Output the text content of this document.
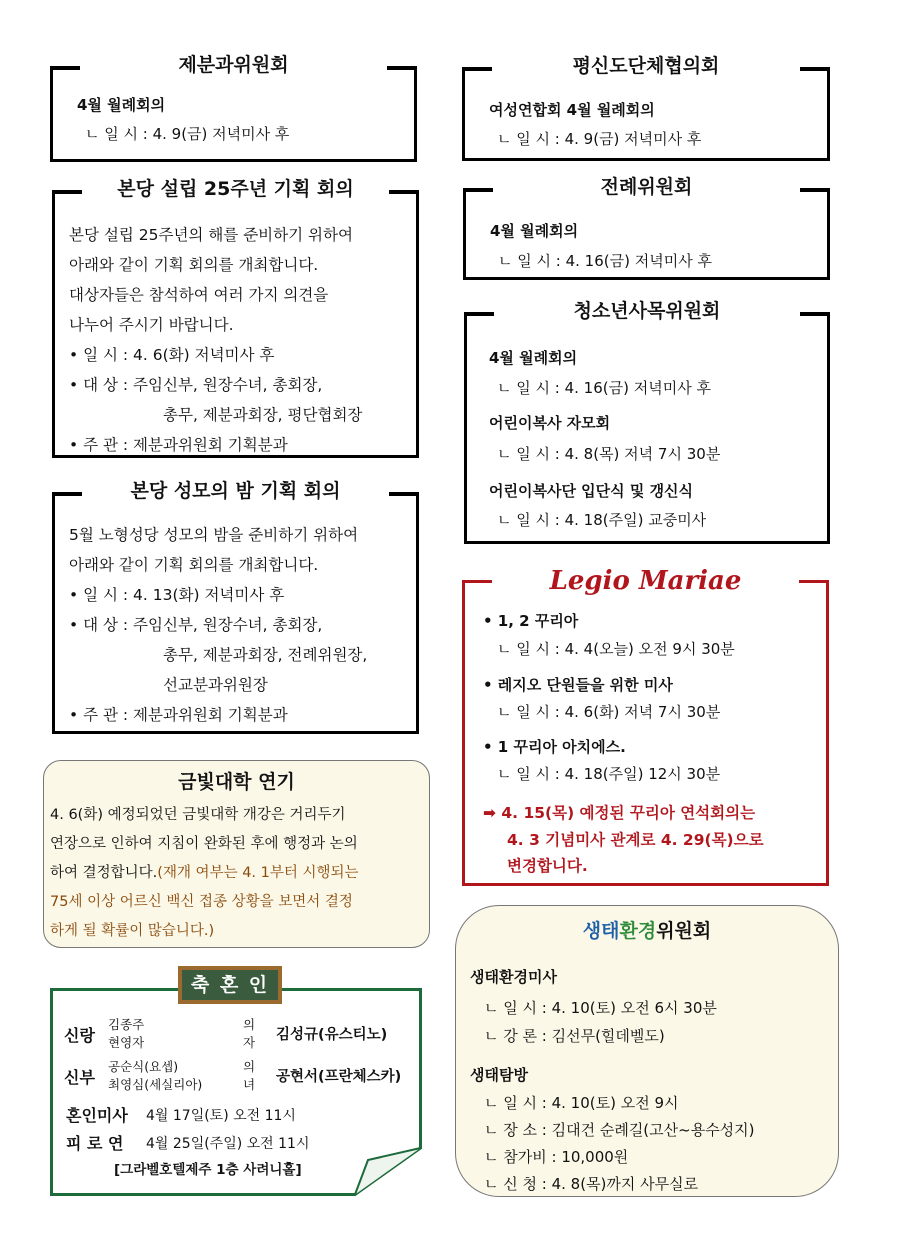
제분과위원회
4월 월례회의
ㄴ 일 시 : 4. 9(금) 저녁미사 후
평신도단체협의회
여성연합회 4월 월례회의
ㄴ 일 시 : 4. 9(금) 저녁미사 후
본당 설립 25주년 기획 회의
본당 설립 25주년의 해를 준비하기 위하여
아래와 같이 기획 회의를 개최합니다.
대상자들은 참석하여 여러 가지 의견을
나누어 주시기 바랍니다.
• 일 시 : 4. 6(화) 저녁미사 후
• 대 상 : 주임신부, 원장수녀, 총회장,
총무, 제분과회장, 평단협회장
• 주 관 : 제분과위원회 기획분과
전례위원회
4월 월례회의
ㄴ 일 시 : 4. 16(금) 저녁미사 후
청소년사목위원회
4월 월례회의
ㄴ 일 시 : 4. 16(금) 저녁미사 후
어린이복사 자모회
ㄴ 일 시 : 4. 8(목) 저녁 7시 30분
어린이복사단 입단식 및 갱신식
ㄴ 일 시 : 4. 18(주일) 교중미사
본당 성모의 밤 기획 회의
5월 노형성당 성모의 밤을 준비하기 위하여
아래와 같이 기획 회의를 개최합니다.
• 일 시 : 4. 13(화) 저녁미사 후
• 대 상 : 주임신부, 원장수녀, 총회장,
총무, 제분과회장, 전례위원장,
선교분과위원장
• 주 관 : 제분과위원회 기획분과
Legio Mariae
• 1, 2 꾸리아
ㄴ 일 시 : 4. 4(오늘) 오전 9시 30분
• 레지오 단원들을 위한 미사
ㄴ 일 시 : 4. 6(화) 저녁 7시 30분
• 1 꾸리아 아치에스.
ㄴ 일 시 : 4. 18(주일) 12시 30분
➡ 4. 15(목) 예정된 꾸리아 연석회의는
4. 3 기념미사 관계로 4. 29(목)으로
변경합니다.
금빛대학 연기
4. 6(화) 예정되었던 금빛대학 개강은 거리두기
연장으로 인하여 지침이 완화된 후에 행정과 논의
하여 결정합니다.(재개 여부는 4. 1부터 시행되는
75세 이상 어르신 백신 접종 상황을 보면서 결정
하게 될 확률이 많습니다.)
축 혼 인
신랑
김종주
현영자
의
자 김성규(유스티노)
신부
공순식(요셉)
최영심(세실리아)
의
녀 공현서(프란체스카)
혼인미사 4월 17일(토) 오전 11시
피 로 연 4월 25일(주일) 오전 11시
[그라벨호텔제주 1층 사려니홀]
생태환경위원회
생태환경미사
ㄴ 일 시 : 4. 10(토) 오전 6시 30분
ㄴ 강 론 : 김선무(힐데벨도)
생태탐방
ㄴ 일 시 : 4. 10(토) 오전 9시
ㄴ 장 소 : 김대건 순례길(고산~용수성지)
ㄴ 참가비 : 10,000원
ㄴ 신 청 : 4. 8(목)까지 사무실로
